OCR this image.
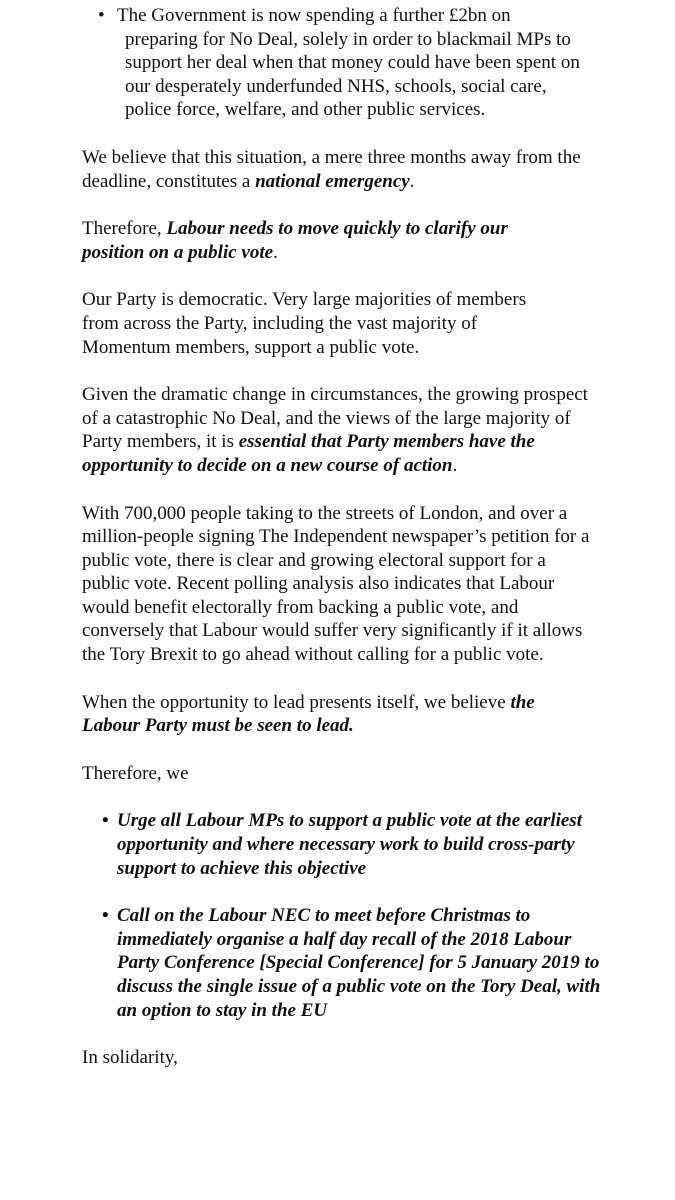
• The Government is now spending a further £2bn on
preparing for No Deal, solely in order to blackmail MPs to support her deal when that money could have been spent on our desperately underfunded NHS, schools, social care, police force, welfare, and other public services.

We believe that this situation, a mere three months away from the deadline, constitutes a national emergency.

Therefore, Labour needs to move quickly to clarify our position on a public vote.

Our Party is democratic. Very large majorities of members from across the Party, including the vast majority of Momentum members, support a public vote.

Given the dramatic change in circumstances, the growing prospect of a catastrophic No Deal, and the views of the large majority of Party members, it is essential that Party members have the opportunity to decide on a new course of action.

With 700,000 people taking to the streets of London, and over a million-people signing The Independent newspaper’s petition for a public vote, there is clear and growing electoral support for a public vote. Recent polling analysis also indicates that Labour would benefit electorally from backing a public vote, and conversely that Labour would suffer very significantly if it allows the Tory Brexit to go ahead without calling for a public vote.

When the opportunity to lead presents itself, we believe the Labour Party must be seen to lead.

Therefore, we

• Urge all Labour MPs to support a public vote at the earliest opportunity and where necessary work to build cross-party support to achieve this objective
• Call on the Labour NEC to meet before Christmas to immediately organise a half day recall of the 2018 Labour Party Conference [Special Conference] for 5 January 2019 to discuss the single issue of a public vote on the Tory Deal, with an option to stay in the EU

In solidarity,
